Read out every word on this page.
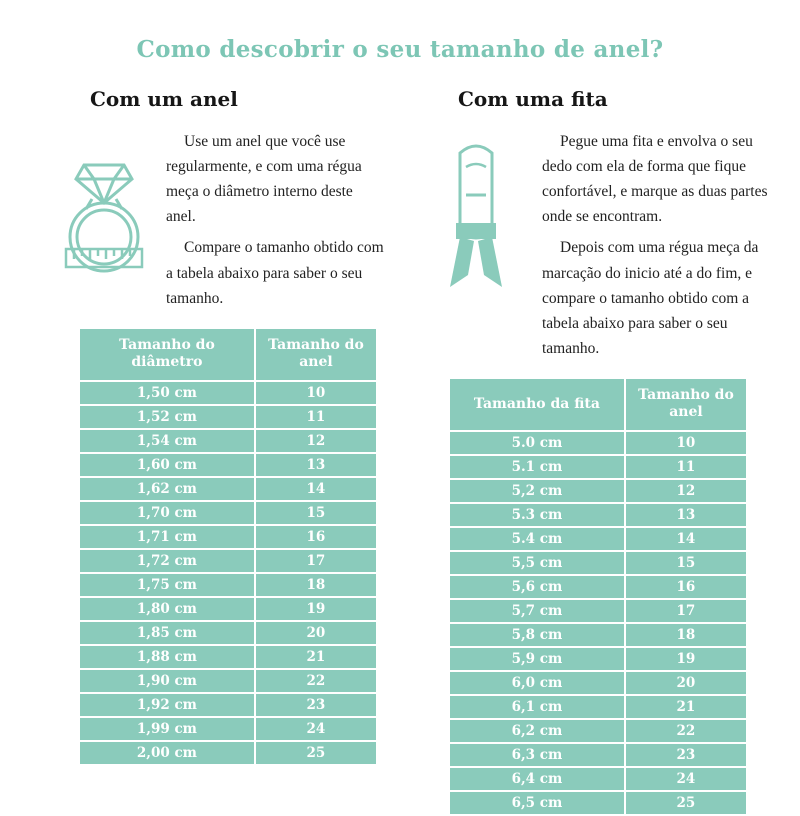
Como descobrir o seu tamanho de anel?
Com um anel

Use um anel que você use regularmente, e com uma régua meça o diâmetro interno deste anel.

Compare o tamanho obtido com a tabela abaixo para saber o seu tamanho.

Tamanho do diâmetro	Tamanho do anel
1,50 cm	10
1,52 cm	11
1,54 cm	12
1,60 cm	13
1,62 cm	14
1,70 cm	15
1,71 cm	16
1,72 cm	17
1,75 cm	18
1,80 cm	19
1,85 cm	20
1,88 cm	21
1,90 cm	22
1,92 cm	23
1,99 cm	24
2,00 cm	25
Com uma fita

Pegue uma fita e envolva o seu dedo com ela de forma que fique confortável, e marque as duas partes onde se encontram.

Depois com uma régua meça da marcação do inicio até a do fim, e compare o tamanho obtido com a tabela abaixo para saber o seu tamanho.

Tamanho da fita	Tamanho do anel
5.0 cm	10
5.1 cm	11
5,2 cm	12
5.3 cm	13
5.4 cm	14
5,5 cm	15
5,6 cm	16
5,7 cm	17
5,8 cm	18
5,9 cm	19
6,0 cm	20
6,1 cm	21
6,2 cm	22
6,3 cm	23
6,4 cm	24
6,5 cm	25
